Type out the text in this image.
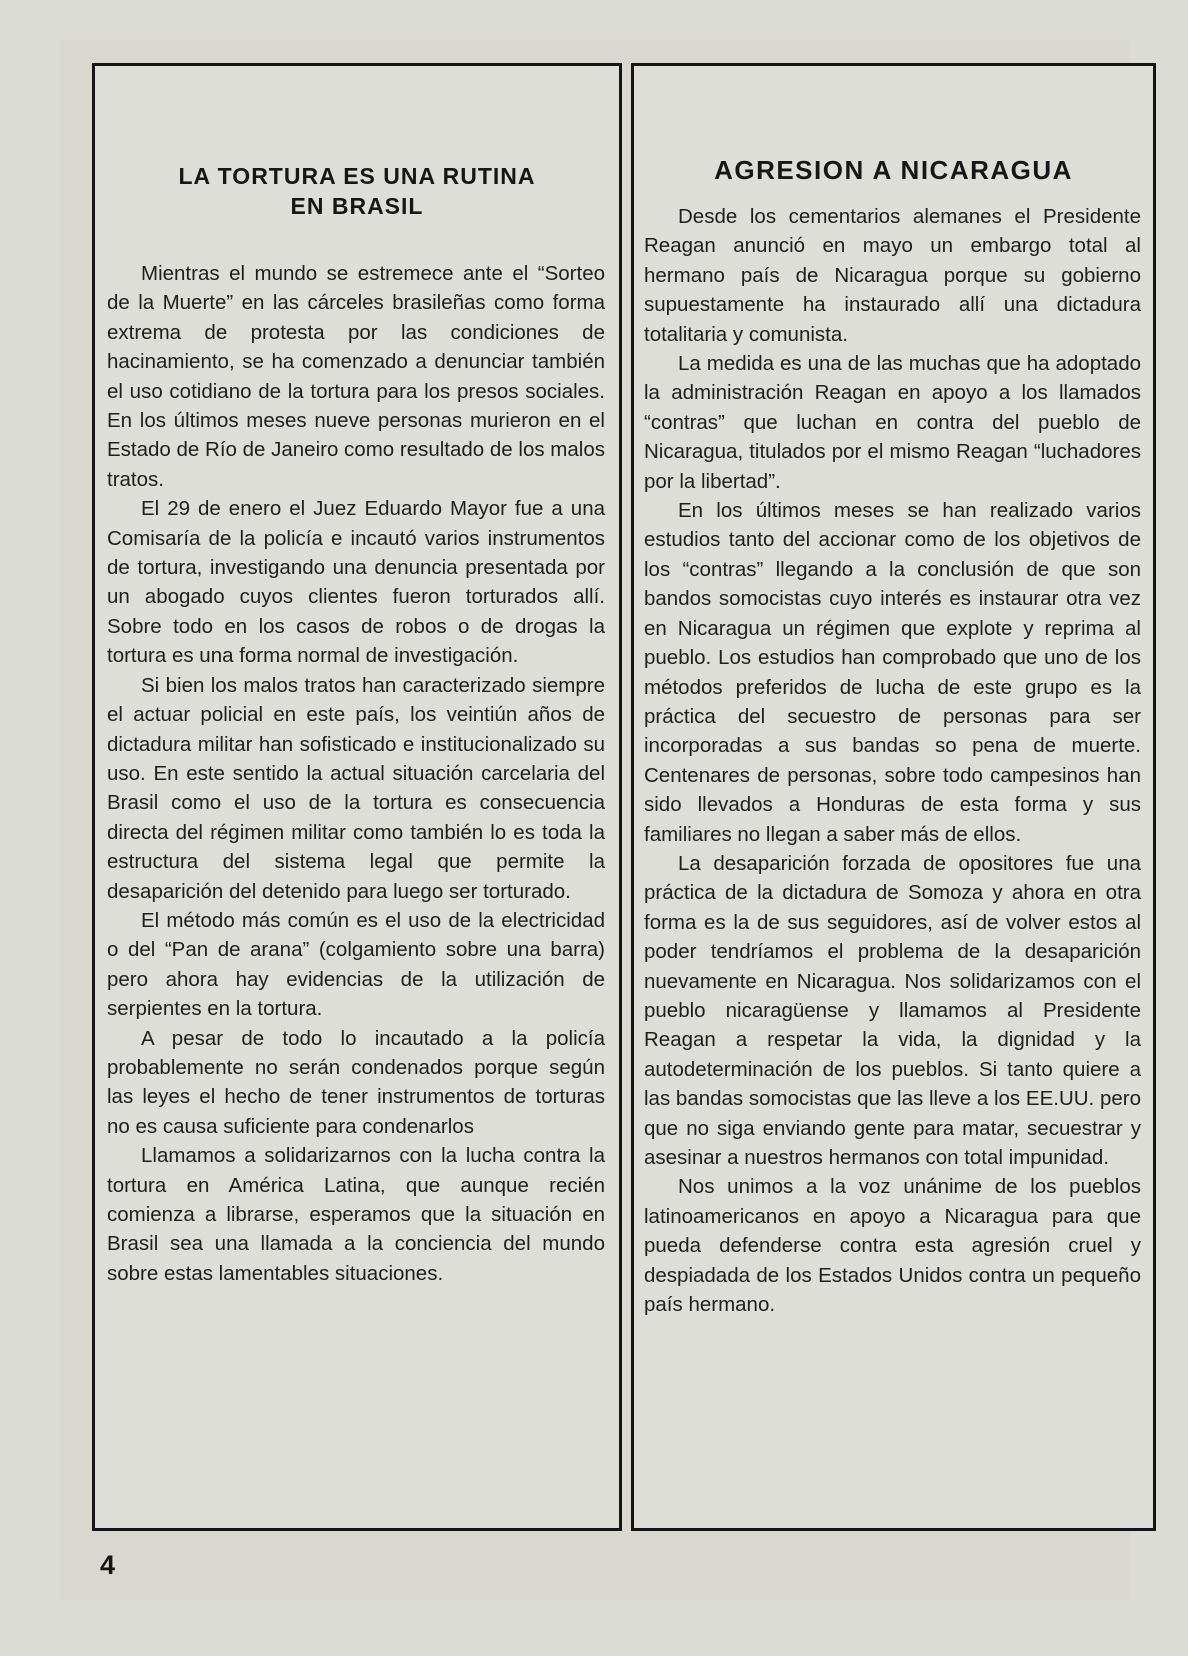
LA TORTURA ES UNA RUTINA
EN BRASIL

Mientras el mundo se estremece ante el “Sorteo de la Muerte” en las cárceles brasileñas como forma extrema de protesta por las condiciones de hacinamiento, se ha comenzado a denunciar también el uso cotidiano de la tortura para los presos sociales. En los últimos meses nueve personas murieron en el Estado de Río de Janeiro como resultado de los malos tratos.

El 29 de enero el Juez Eduardo Mayor fue a una Comisaría de la policía e incautó varios instrumentos de tortura, investigando una denuncia presentada por un abogado cuyos clientes fueron torturados allí. Sobre todo en los casos de robos o de drogas la tortura es una forma normal de investigación.

Si bien los malos tratos han caracterizado siempre el actuar policial en este país, los veintiún años de dictadura militar han sofisticado e institucionalizado su uso. En este sentido la actual situación carcelaria del Brasil como el uso de la tortura es consecuencia directa del régimen militar como también lo es toda la estructura del sistema legal que permite la desaparición del detenido para luego ser torturado.

El método más común es el uso de la electricidad o del “Pan de arana” (colgamiento sobre una barra) pero ahora hay evidencias de la utilización de serpientes en la tortura.

A pesar de todo lo incautado a la policía probablemente no serán condenados porque según las leyes el hecho de tener instrumentos de torturas no es causa suficiente para condenarlos

Llamamos a solidarizarnos con la lucha contra la tortura en América Latina, que aunque recién comienza a librarse, esperamos que la situación en Brasil sea una llamada a la conciencia del mundo sobre estas lamentables situaciones.

AGRESION A NICARAGUA

Desde los cementarios alemanes el Presidente Reagan anunció en mayo un embargo total al hermano país de Nicaragua porque su gobierno supuestamente ha instaurado allí una dictadura totalitaria y comunista.

La medida es una de las muchas que ha adoptado la administración Reagan en apoyo a los llamados “contras” que luchan en contra del pueblo de Nicaragua, titulados por el mismo Reagan “luchadores por la libertad”.

En los últimos meses se han realizado varios estudios tanto del accionar como de los objetivos de los “contras” llegando a la conclusión de que son bandos somocistas cuyo interés es instaurar otra vez en Nicaragua un régimen que explote y reprima al pueblo. Los estudios han comprobado que uno de los métodos preferidos de lucha de este grupo es la práctica del secuestro de personas para ser incorporadas a sus bandas so pena de muerte. Centenares de personas, sobre todo campesinos han sido llevados a Honduras de esta forma y sus familiares no llegan a saber más de ellos.

La desaparición forzada de opositores fue una práctica de la dictadura de Somoza y ahora en otra forma es la de sus seguidores, así de volver estos al poder tendríamos el problema de la desaparición nuevamente en Nicaragua. Nos solidarizamos con el pueblo nicaragüense y llamamos al Presidente Reagan a respetar la vida, la dignidad y la autodeterminación de los pueblos. Si tanto quiere a las bandas somocistas que las lleve a los EE.UU. pero que no siga enviando gente para matar, secuestrar y asesinar a nuestros hermanos con total impunidad.

Nos unimos a la voz unánime de los pueblos latinoamericanos en apoyo a Nicaragua para que pueda defenderse contra esta agresión cruel y despiadada de los Estados Unidos contra un pequeño país hermano.

4
